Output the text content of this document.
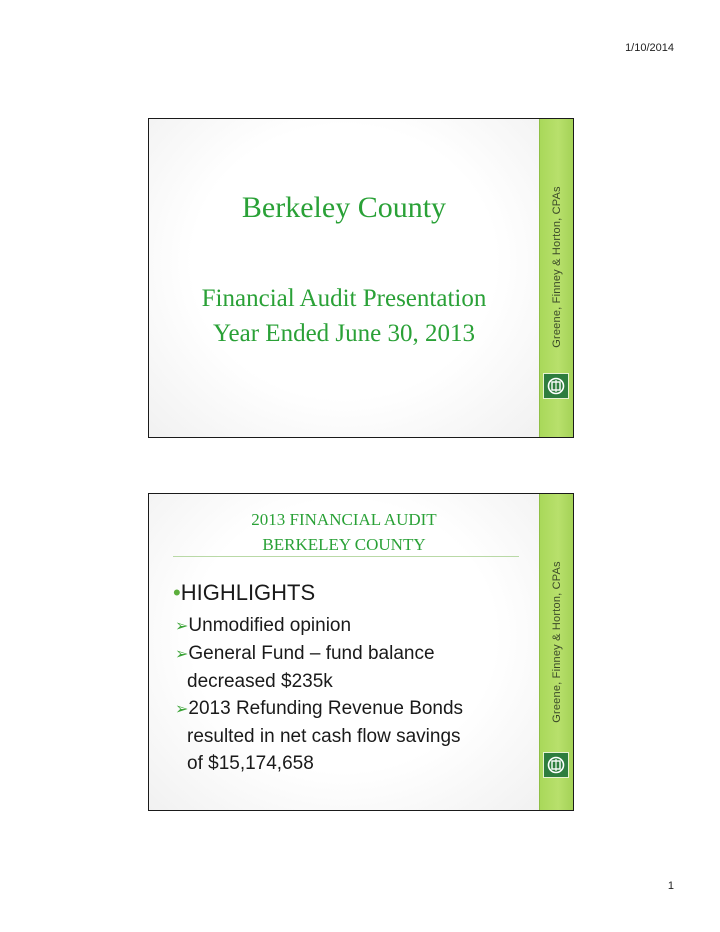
1/10/2014
Berkeley County
Financial Audit Presentation
Year Ended June 30, 2013	Greene, Finney & Horton, CPAs
2013 FINANCIAL AUDIT
BERKELEY COUNTY
•HIGHLIGHTS
➢Unmodified opinion
➢General Fund – fund balance
decreased $235k
➢2013 Refunding Revenue Bonds
resulted in net cash flow savings
of $15,174,658
Greene, Finney & Horton, CPAs
1
